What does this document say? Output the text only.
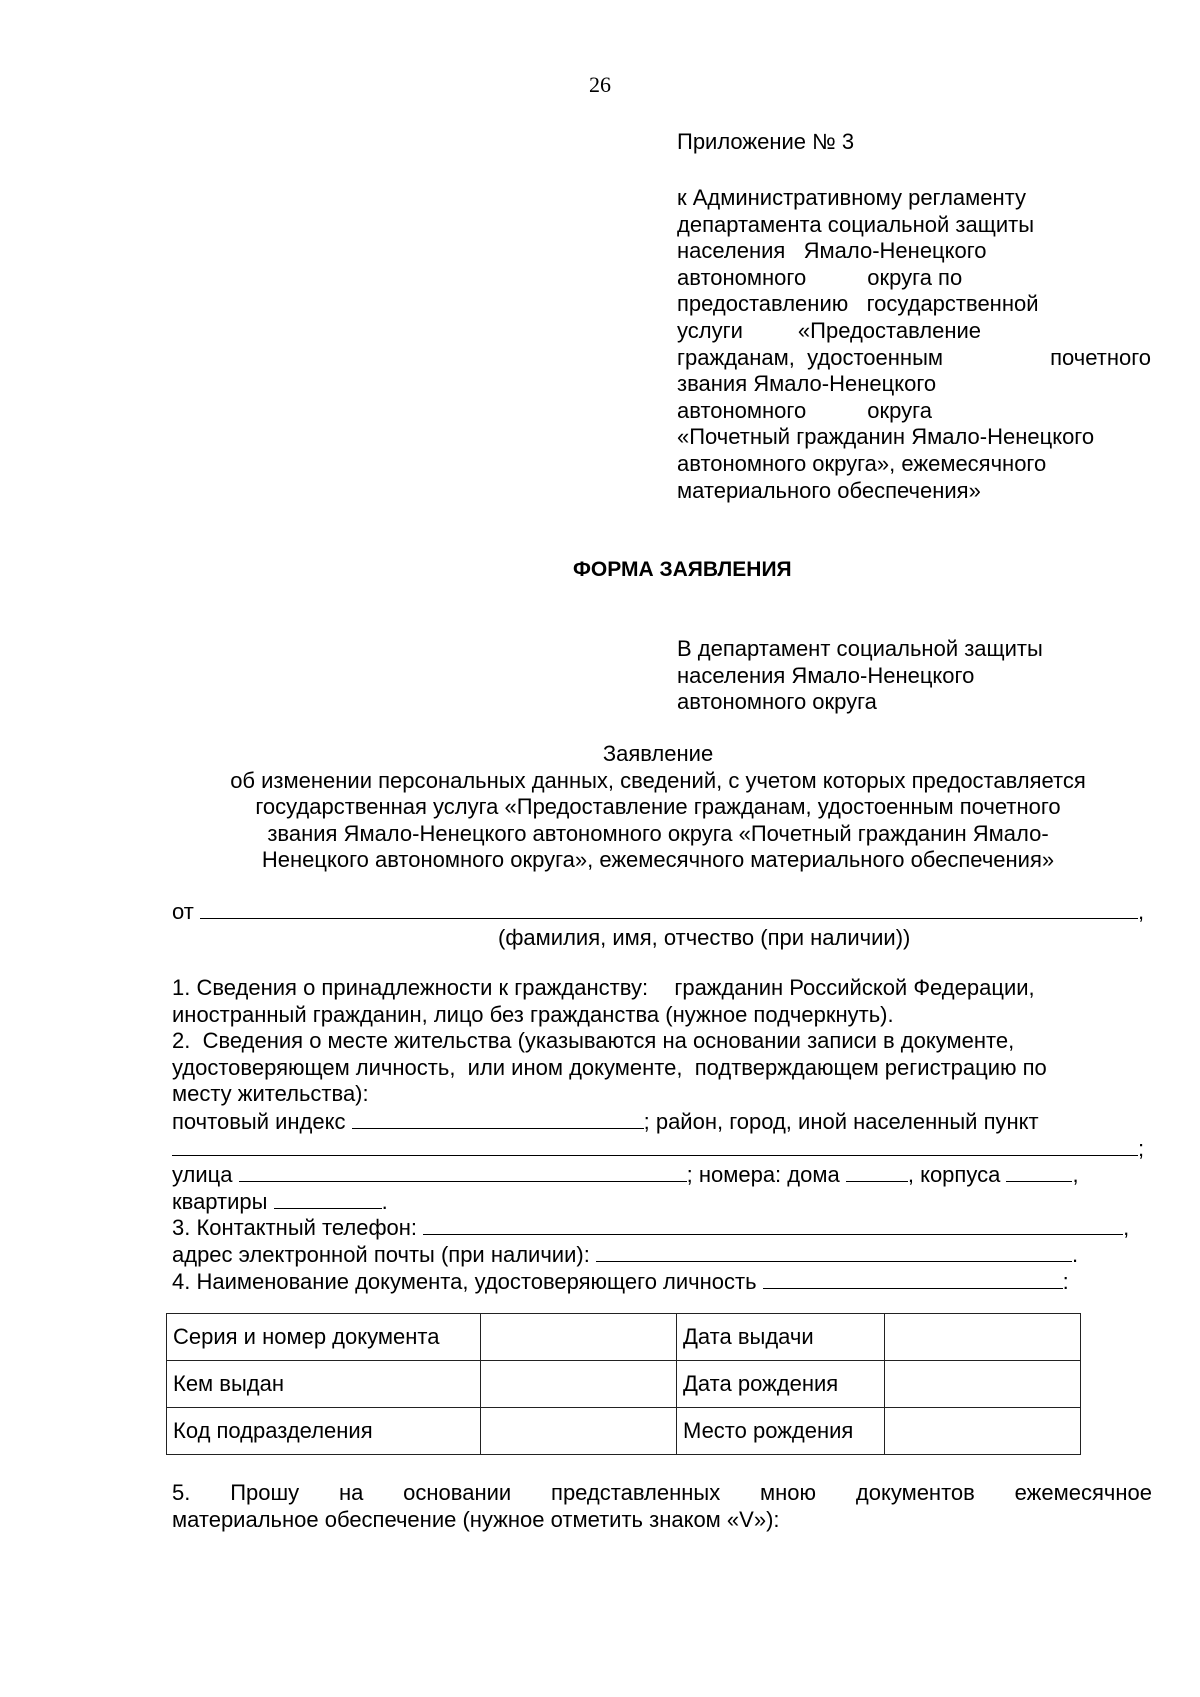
26
Приложение № 3
к Административному регламенту
департамента социальной защиты
населения   Ямало-Ненецкого
автономного          округа по
предоставлению   государственной
услуги         «Предоставление
гражданам,  удостоенным	почетного
звания Ямало-Ненецкого
автономного          округа
«Почетный гражданин Ямало-Ненецкого
автономного округа», ежемесячного
материального обеспечения»
ФОРМА ЗАЯВЛЕНИЯ
В департамент социальной защиты
населения Ямало-Ненецкого
автономного округа
Заявление
об изменении персональных данных, сведений, с учетом которых предоставляется
государственная услуга «Предоставление гражданам, удостоенным почетного
звания Ямало-Ненецкого автономного округа «Почетный гражданин Ямало-
Ненецкого автономного округа», ежемесячного материального обеспечения»
от	,
(фамилия, имя, отчество (при наличии))
1. Сведения о принадлежности к гражданству: гражданин Российской Федерации,
иностранный гражданин, лицо без гражданства (нужное подчеркнуть).
2.  Сведения о месте жительства (указываются на основании записи в документе,
удостоверяющем личность,  или ином документе,  подтверждающем регистрацию по
месту жительства):
почтовый индекс	; район, город, иной населенный пункт
;
улица	; номера: дома	, корпуса	,
квартиры	.
3. Контактный телефон:	,
адрес электронной почты (при наличии):	.
4. Наименование документа, удостоверяющего личность	:
Серия и номер документа		Дата выдачи	
Кем выдан		Дата рождения	
Код подразделения		Место рождения	
5. Прошу на основании представленных мною документов ежемесячное
материальное обеспечение (нужное отметить знаком «V»):
